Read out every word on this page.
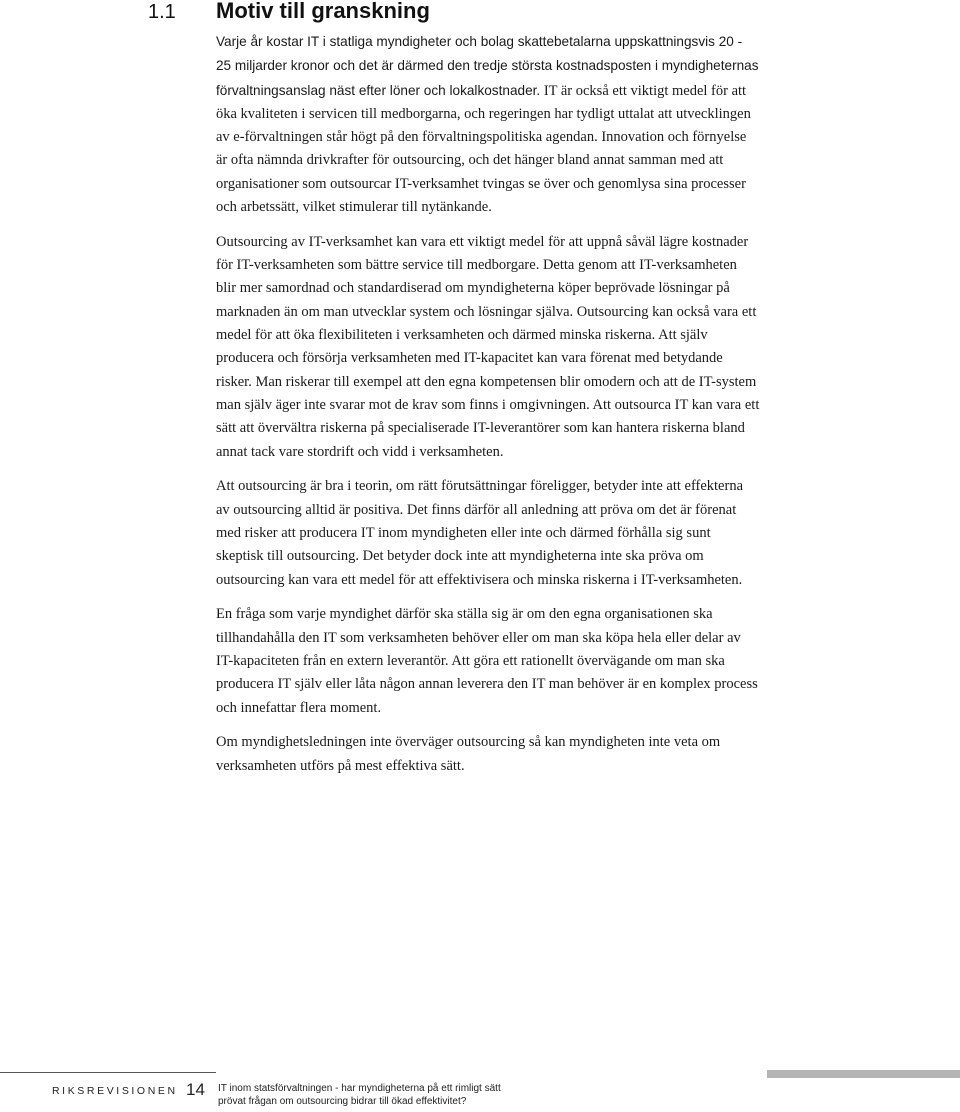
1.1	Motiv till granskning

Varje år kostar IT i statliga myndigheter och bolag skattebetalarna uppskattningsvis 20 - 25 miljarder kronor och det är därmed den tredje största kostnadsposten i myndigheternas förvaltningsanslag näst efter löner och lokalkostnader. IT är också ett viktigt medel för att öka kvaliteten i servicen till medborgarna, och regeringen har tydligt uttalat att utvecklingen av e-förvaltningen står högt på den förvaltningspolitiska agendan. Innovation och förnyelse är ofta nämnda drivkrafter för outsourcing, och det hänger bland annat samman med att organisationer som outsourcar IT-verksamhet tvingas se över och genomlysa sina processer och arbetssätt, vilket stimulerar till nytänkande.

Outsourcing av IT-verksamhet kan vara ett viktigt medel för att uppnå såväl lägre kostnader för IT-verksamheten som bättre service till medborgare. Detta genom att IT-verksamheten blir mer samordnad och standardiserad om myndigheterna köper beprövade lösningar på marknaden än om man utvecklar system och lösningar själva. Outsourcing kan också vara ett medel för att öka flexibiliteten i verksamheten och därmed minska riskerna. Att själv producera och försörja verksamheten med IT-kapacitet kan vara förenat med betydande risker. Man riskerar till exempel att den egna kompetensen blir omodern och att de IT-system man själv äger inte svarar mot de krav som finns i omgivningen. Att outsourca IT kan vara ett sätt att övervältra riskerna på specialiserade IT-leverantörer som kan hantera riskerna bland annat tack vare stordrift och vidd i verksamheten.

Att outsourcing är bra i teorin, om rätt förutsättningar föreligger, betyder inte att effekterna av outsourcing alltid är positiva. Det finns därför all anledning att pröva om det är förenat med risker att producera IT inom myndigheten eller inte och därmed förhålla sig sunt skeptisk till outsourcing. Det betyder dock inte att myndigheterna inte ska pröva om outsourcing kan vara ett medel för att effektivisera och minska riskerna i IT-verksamheten.

En fråga som varje myndighet därför ska ställa sig är om den egna organisationen ska tillhandahålla den IT som verksamheten behöver eller om man ska köpa hela eller delar av IT-kapaciteten från en extern leverantör. Att göra ett rationellt övervägande om man ska producera IT själv eller låta någon annan leverera den IT man behöver är en komplex process och innefattar flera moment.

Om myndighetsledningen inte överväger outsourcing så kan myndigheten inte veta om verksamheten utförs på mest effektiva sätt.

RIKSREVISIONEN 14 IT inom statsförvaltningen - har myndigheterna på ett rimligt sätt
prövat frågan om outsourcing bidrar till ökad effektivitet?
